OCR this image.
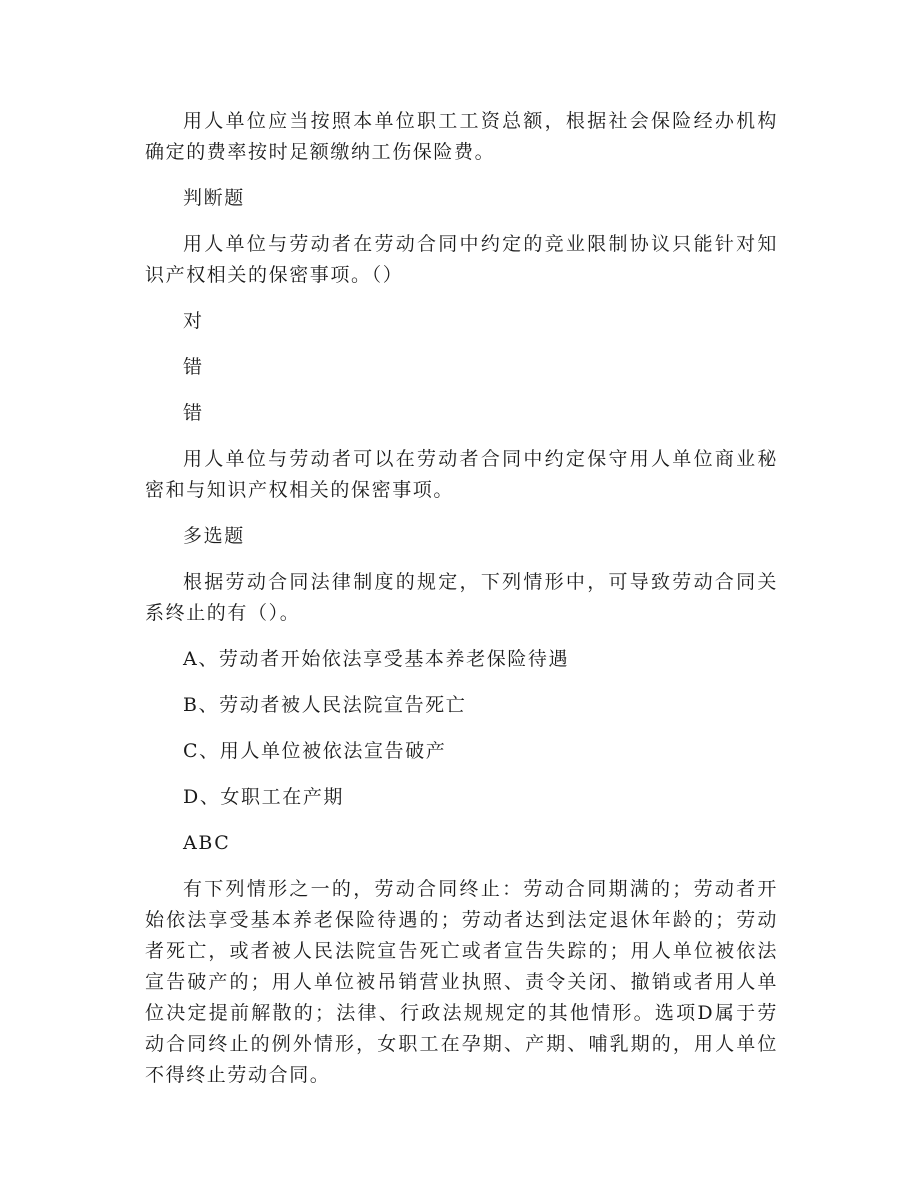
用人单位应当按照本单位职工工资总额，根据社会保险经办机构确定的费率按时足额缴纳工伤保险费。

判断题

用人单位与劳动者在劳动合同中约定的竞业限制协议只能针对知识产权相关的保密事项。（）

对

错

错

用人单位与劳动者可以在劳动者合同中约定保守用人单位商业秘密和与知识产权相关的保密事项。

多选题

根据劳动合同法律制度的规定，下列情形中，可导致劳动合同关系终止的有（）。

A、劳动者开始依法享受基本养老保险待遇

B、劳动者被人民法院宣告死亡

C、用人单位被依法宣告破产

D、女职工在产期

ABC

有下列情形之一的，劳动合同终止：劳动合同期满的；劳动者开始依法享受基本养老保险待遇的；劳动者达到法定退休年龄的；劳动者死亡，或者被人民法院宣告死亡或者宣告失踪的；用人单位被依法宣告破产的；用人单位被吊销营业执照、责令关闭、撤销或者用人单位决定提前解散的；法律、行政法规规定的其他情形。选项D属于劳动合同终止的例外情形，女职工在孕期、产期、哺乳期的，用人单位不得终止劳动合同。
